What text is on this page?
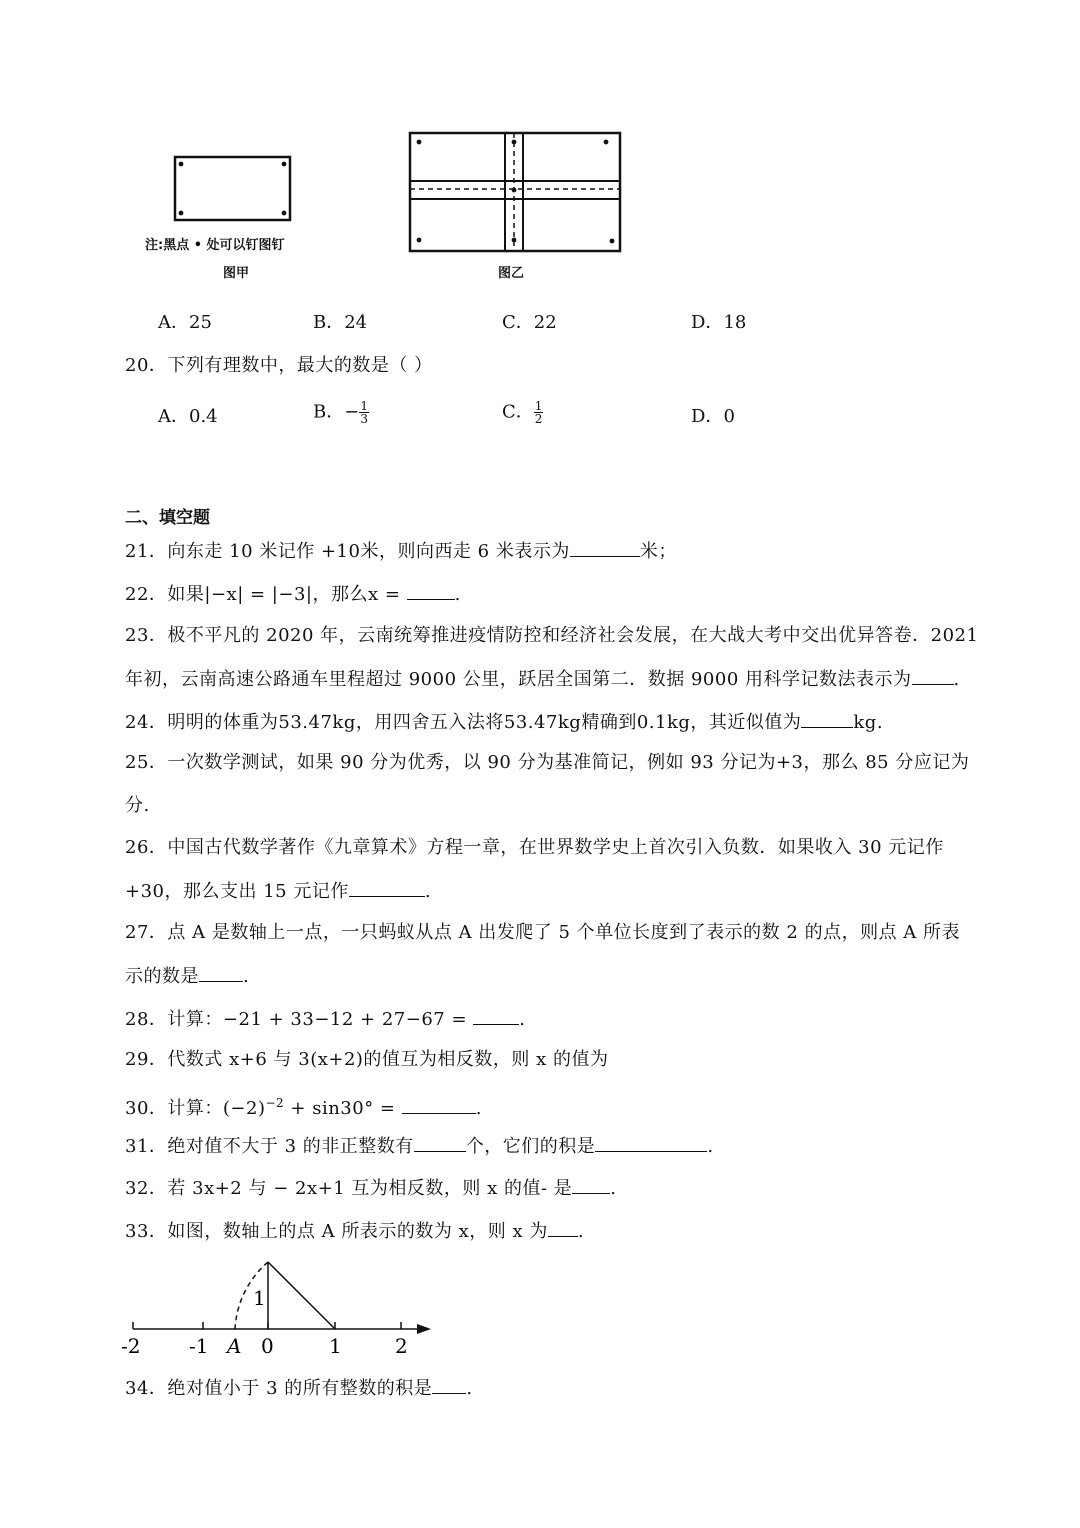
注:黑点 • 处可以钉图钉
图甲	图乙
A．25	B．24	C．22	D．18
20．下列有理数中，最大的数是（ ）
A．0.4	B．− $\frac{1}{3}$	C． $\frac{1}{2}$	D．0
二、填空题
21．向东走 10 米记作 +10米，则向西走 6 米表示为	米；
22．如果|−x| = |−3|，那么x =	.
23．极不平凡的 2020 年，云南统筹推进疫情防控和经济社会发展，在大战大考中交出优异答卷．2021
年初，云南高速公路通车里程超过 9000 公里，跃居全国第二．数据 9000 用科学记数法表示为 .
24．明明的体重为53.47kg，用四舍五入法将53.47kg精确到0.1kg，其近似值为	kg.
25．一次数学测试，如果 90 分为优秀，以 90 分为基准简记，例如 93 分记为+3，那么 85 分应记为
分.
26．中国古代数学著作《九章算术》方程一章，在世界数学史上首次引入负数．如果收入 30 元记作
+30，那么支出 15 元记作	.
27．点 A 是数轴上一点，一只蚂蚁从点 A 出发爬了 5 个单位长度到了表示的数 2 的点，则点 A 所表
示的数是 .
28．计算：−21 + 33−12 + 27−67 =	.
29．代数式 x+6 与 3(x+2)的值互为相反数，则 x 的值为
30．计算：$(-2)^{-2} + \sin 30^\circ$ =	.
31．绝对值不大于 3 的非正整数有	个，它们的积是	.
32．若 3x+2 与 − 2x+1 互为相反数，则 x 的值- 是 .
33．如图，数轴上的点 A 所表示的数为 x，则 x 为 .
-2 -1 A 0	1	2
1
34．绝对值小于 3 的所有整数的积是 .
